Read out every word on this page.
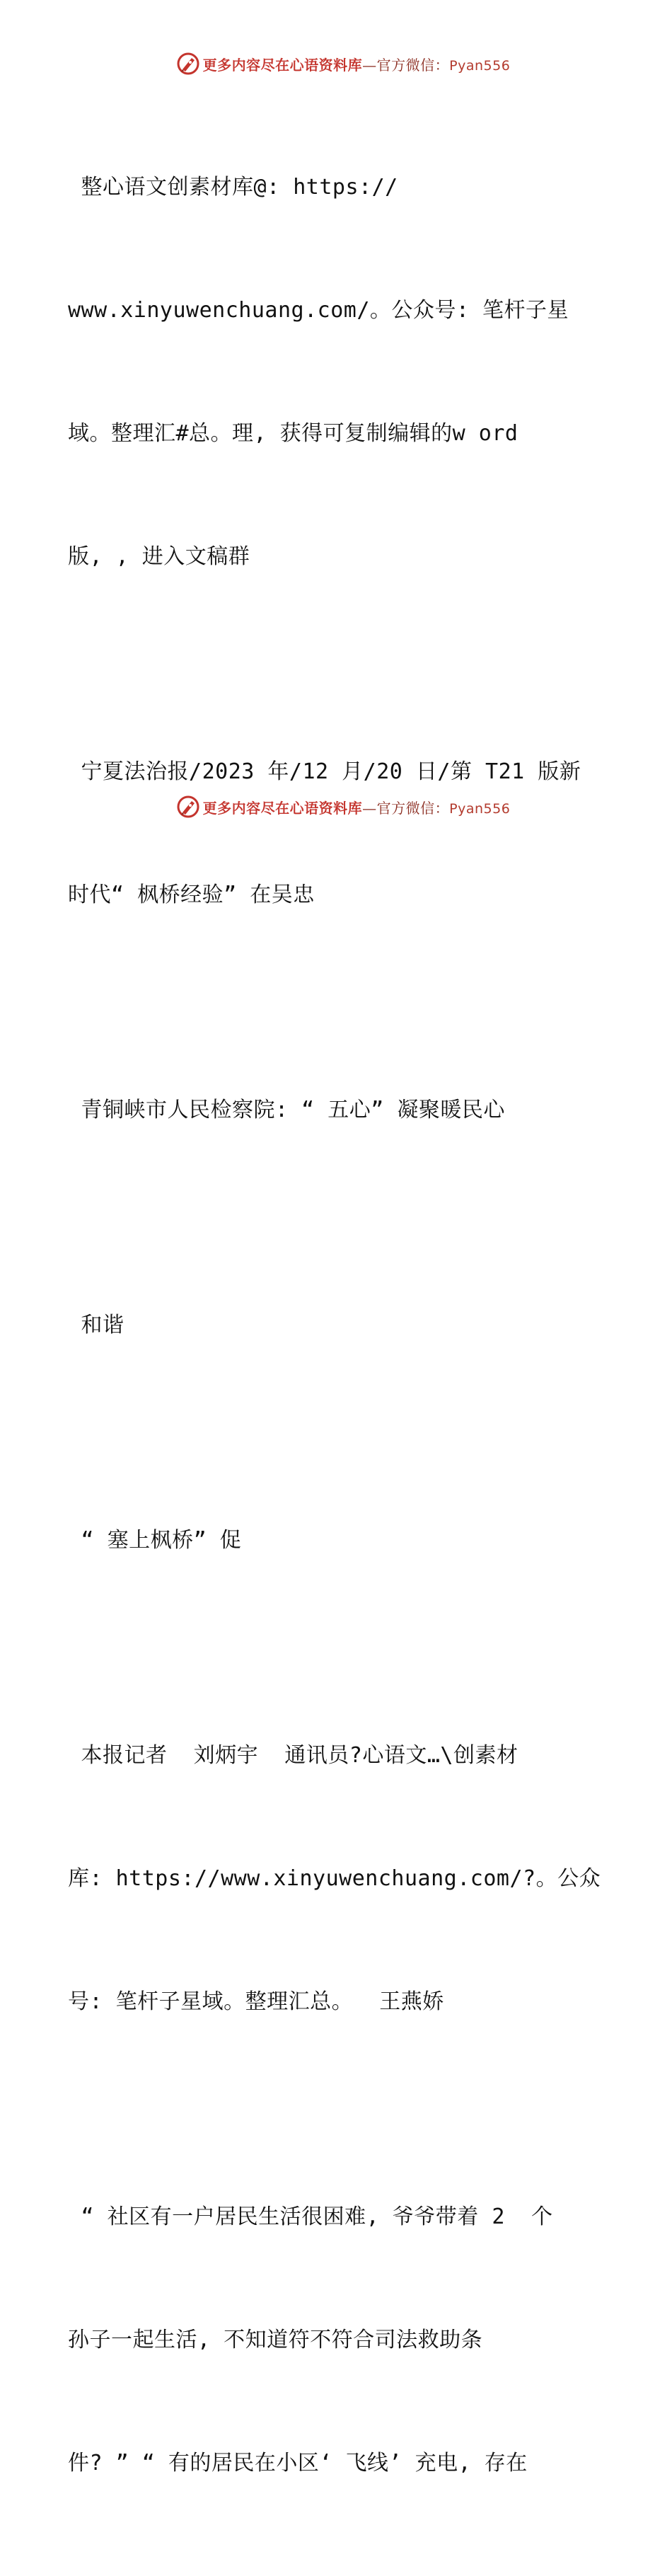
更多内容尽在心语资料库—官方微信：Pyan556

整心语文创素材库@: https://

www.xinyuwenchuang.com/。公众号: 笔杆子星

域。整理汇#总。理, 获得可复制编辑的w ord

版, , 进入文稿群

宁夏法治报/2023 年/12 月/20 日/第 T21 版新

时代“ 枫桥经验” 在吴忠

青铜峡市人民检察院: “ 五心” 凝聚暖民心

和谐

“ 塞上枫桥” 促

本报记者  刘炳宇  通讯员?心语文…\创素材

库: https://www.xinyuwenchuang.com/?。公众

号: 笔杆子星域。整理汇总。  王燕娇

“ 社区有一户居民生活很困难, 爷爷带着 2  个

孙子一起生活, 不知道符不符合司法救助条

件? ” “ 有的居民在小区‘ 飞线’ 充电, 存在

更多内容尽在心语资料库—官方微信：Pyan556
